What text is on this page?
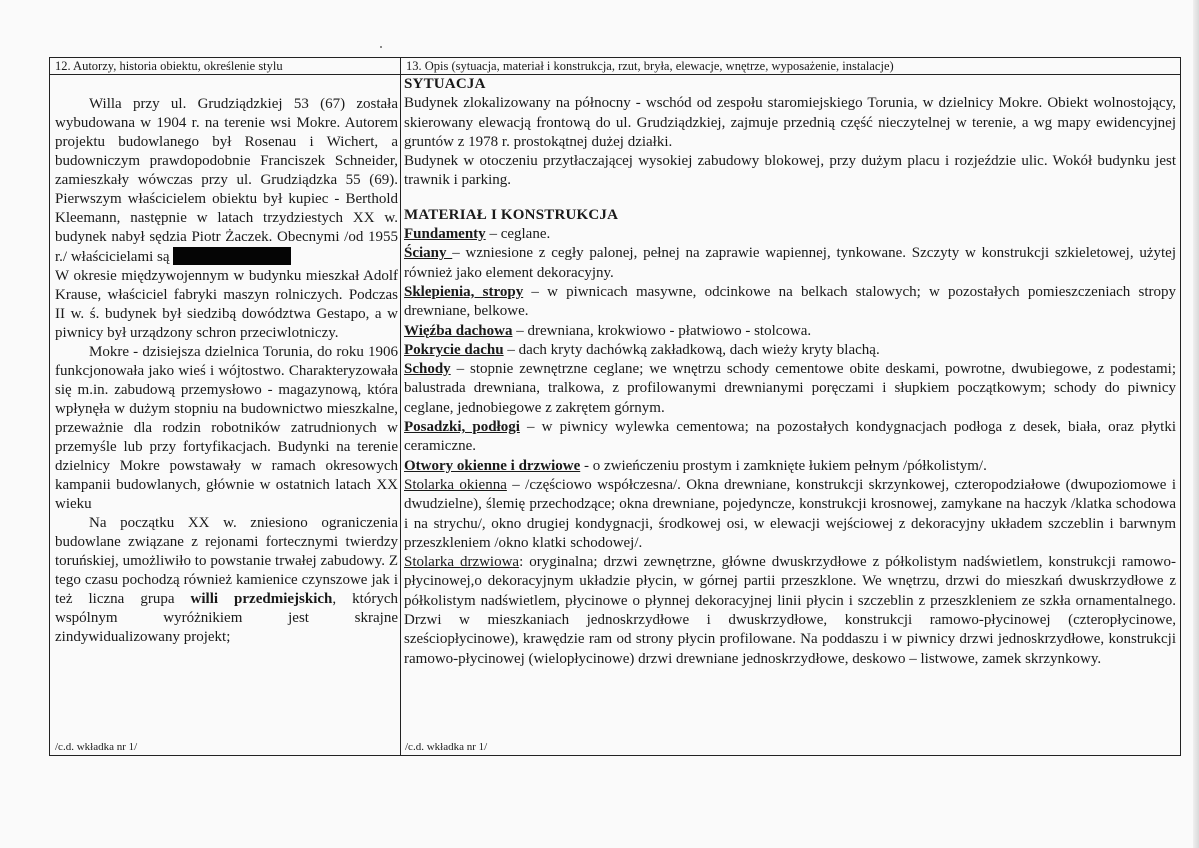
12. Autorzy, historia obiektu, określenie stylu

Willa przy ul. Grudziądzkiej 53 (67) została wybudowana w 1904 r. na terenie wsi Mokre. Autorem projektu budowlanego był Rosenau i Wichert, a budowniczym prawdopodobnie Franciszek Schneider, zamieszkały wówczas przy ul. Grudziądzka 55 (69). Pierwszym właścicielem obiektu był kupiec - Berthold Kleemann, następnie w latach trzydziestych XX w. budynek nabył sędzia Piotr Żaczek. Obecnymi /od 1955 r./ właścicielami są

W okresie międzywojennym w budynku mieszkał Adolf Krause, właściciel fabryki maszyn rolniczych. Podczas II w. ś. budynek był siedzibą dowództwa Gestapo, a w piwnicy był urządzony schron przeciwlotniczy.

Mokre - dzisiejsza dzielnica Torunia, do roku 1906 funkcjonowała jako wieś i wójtostwo. Charakteryzowała się m.in. zabudową przemysłowo - magazynową, która wpłynęła w dużym stopniu na budownictwo mieszkalne, przeważnie dla rodzin robotników zatrudnionych w przemyśle lub przy fortyfikacjach. Budynki na terenie dzielnicy Mokre powstawały w ramach okresowych kampanii budowlanych, głównie w ostatnich latach XX wieku

Na początku XX w. zniesiono ograniczenia budowlane związane z rejonami fortecznymi twierdzy toruńskiej, umożliwiło to powstanie trwałej zabudowy. Z tego czasu pochodzą również kamienice czynszowe jak i też liczna grupa willi przedmiejskich, których wspólnym wyróżnikiem jest skrajne zindywidualizowany projekt;

/c.d. wkładka nr 1/
13. Opis (sytuacja, materiał i konstrukcja, rzut, bryła, elewacje, wnętrze, wyposażenie, instalacje)

SYTUACJA

Budynek zlokalizowany na północny - wschód od zespołu staromiejskiego Torunia, w dzielnicy Mokre. Obiekt wolnostojący, skierowany elewacją frontową do ul. Grudziądzkiej, zajmuje przednią część nieczytelnej w terenie, a wg mapy ewidencyjnej gruntów z 1978 r. prostokątnej dużej działki.

Budynek w otoczeniu przytłaczającej wysokiej zabudowy blokowej, przy dużym placu i rozjeździe ulic. Wokół budynku jest trawnik i parking.

MATERIAŁ I KONSTRUKCJA

Fundamenty – ceglane.

Ściany – wzniesione z cegły palonej, pełnej na zaprawie wapiennej, tynkowane. Szczyty w konstrukcji szkieletowej, użytej również jako element dekoracyjny.

Sklepienia, stropy – w piwnicach masywne, odcinkowe na belkach stalowych; w pozostałych pomieszczeniach stropy drewniane, belkowe.

Więźba dachowa – drewniana, krokwiowo - płatwiowo - stolcowa.

Pokrycie dachu – dach kryty dachówką zakładkową, dach wieży kryty blachą.

Schody – stopnie zewnętrzne ceglane; we wnętrzu schody cementowe obite deskami, powrotne, dwubiegowe, z podestami; balustrada drewniana, tralkowa, z profilowanymi drewnianymi poręczami i słupkiem początkowym; schody do piwnicy ceglane, jednobiegowe z zakrętem górnym.

Posadzki, podłogi – w piwnicy wylewka cementowa; na pozostałych kondygnacjach podłoga z desek, biała, oraz płytki ceramiczne.

Otwory okienne i drzwiowe - o zwieńczeniu prostym i zamknięte łukiem pełnym /półkolistym/.

Stolarka okienna – /częściowo współczesna/. Okna drewniane, konstrukcji skrzynkowej, czteropodziałowe (dwupoziomowe i dwudzielne), ślemię przechodzące; okna drewniane, pojedyncze, konstrukcji krosnowej, zamykane na haczyk /klatka schodowa i na strychu/, okno drugiej kondygnacji, środkowej osi, w elewacji wejściowej z dekoracyjny układem szczeblin i barwnym przeszkleniem /okno klatki schodowej/.

Stolarka drzwiowa: oryginalna; drzwi zewnętrzne, główne dwuskrzydłowe z półkolistym nadświetlem, konstrukcji ramowo-płycinowej,o dekoracyjnym układzie płycin, w górnej partii przeszklone. We wnętrzu, drzwi do mieszkań dwuskrzydłowe z półkolistym nadświetlem, płycinowe o płynnej dekoracyjnej linii płycin i szczeblin z przeszkleniem ze szkła ornamentalnego. Drzwi w mieszkaniach jednoskrzydłowe i dwuskrzydłowe, konstrukcji ramowo-płycinowej (czteropłycinowe, sześciopłycinowe), krawędzie ram od strony płycin profilowane. Na poddaszu i w piwnicy drzwi jednoskrzydłowe, konstrukcji ramowo-płycinowej (wielopłycinowe) drzwi drewniane jednoskrzydłowe, deskowo – listwowe, zamek skrzynkowy.

/c.d. wkładka nr 1/
